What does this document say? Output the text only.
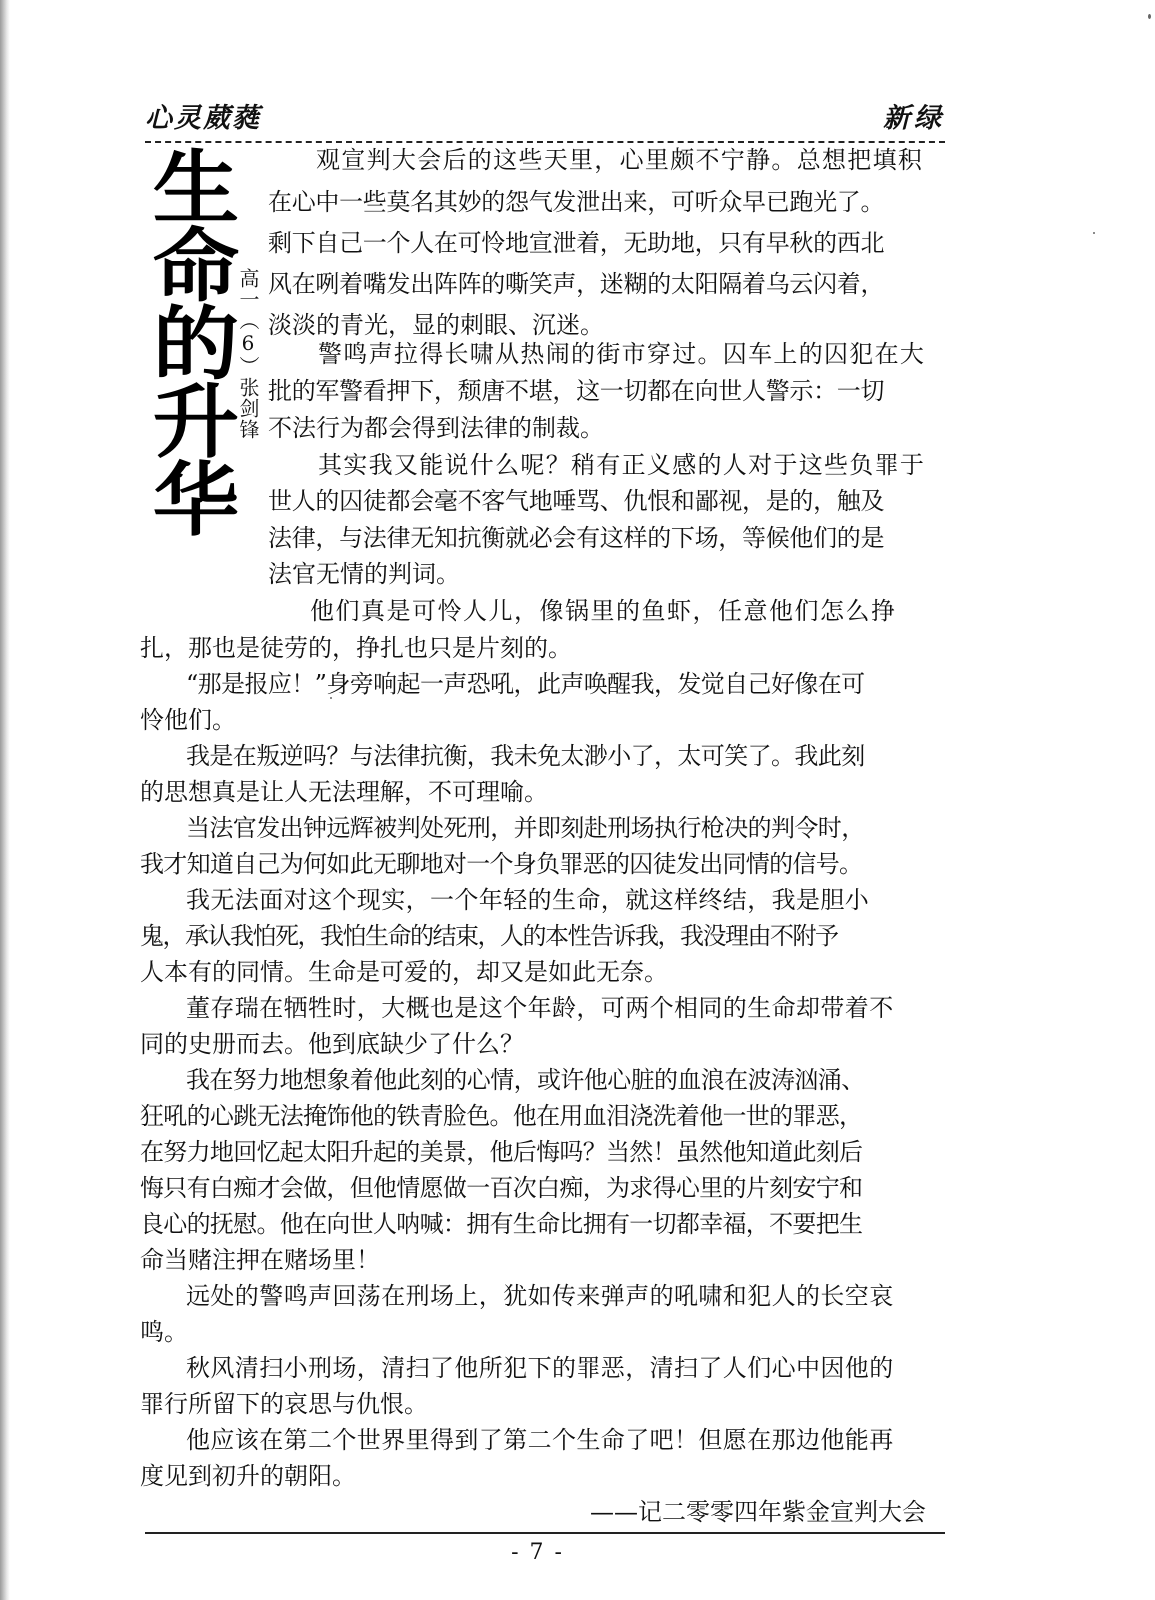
心灵葳蕤	新绿
生
命
的
升
华
高一（6）张剑锋
观宣判大会后的这些天里，心里颇不宁静。总想把填积
在心中一些莫名其妙的怨气发泄出来，可听众早已跑光了。
剩下自己一个人在可怜地宣泄着，无助地，只有早秋的西北
风在咧着嘴发出阵阵的嘶笑声，迷糊的太阳隔着乌云闪着，
淡淡的青光，显的刺眼、沉迷。
警鸣声拉得长啸从热闹的街市穿过。囚车上的囚犯在大
批的军警看押下，颓唐不堪，这一切都在向世人警示：一切
不法行为都会得到法律的制裁。
其实我又能说什么呢？稍有正义感的人对于这些负罪于
世人的囚徒都会毫不客气地唾骂、仇恨和鄙视，是的，触及
法律，与法律无知抗衡就必会有这样的下场，等候他们的是
法官无情的判词。
他们真是可怜人儿，像锅里的鱼虾，任意他们怎么挣
扎，那也是徒劳的，挣扎也只是片刻的。
“那是报应！”身旁响起一声恐吼，此声唤醒我，发觉自己好像在可
怜他们。
我是在叛逆吗？与法律抗衡，我未免太渺小了，太可笑了。我此刻
的思想真是让人无法理解，不可理喻。
当法官发出钟远辉被判处死刑，并即刻赴刑场执行枪决的判令时，
我才知道自己为何如此无聊地对一个身负罪恶的囚徒发出同情的信号。
我无法面对这个现实，一个年轻的生命，就这样终结，我是胆小
鬼，承认我怕死，我怕生命的结束，人的本性告诉我，我没理由不附予
人本有的同情。生命是可爱的，却又是如此无奈。
董存瑞在牺牲时，大概也是这个年龄，可两个相同的生命却带着不
同的史册而去。他到底缺少了什么？
我在努力地想象着他此刻的心情，或许他心脏的血浪在波涛汹涌、
狂吼的心跳无法掩饰他的铁青脸色。他在用血泪浇洗着他一世的罪恶，
在努力地回忆起太阳升起的美景，他后悔吗？当然！虽然他知道此刻后
悔只有白痴才会做，但他情愿做一百次白痴，为求得心里的片刻安宁和
良心的抚慰。他在向世人呐喊：拥有生命比拥有一切都幸福，不要把生
命当赌注押在赌场里！
远处的警鸣声回荡在刑场上，犹如传来弹声的吼啸和犯人的长空哀
鸣。
秋风清扫小刑场，清扫了他所犯下的罪恶，清扫了人们心中因他的
罪行所留下的哀思与仇恨。
他应该在第二个世界里得到了第二个生命了吧！但愿在那边他能再
度见到初升的朝阳。
——记二零零四年紫金宣判大会
- 7 -
